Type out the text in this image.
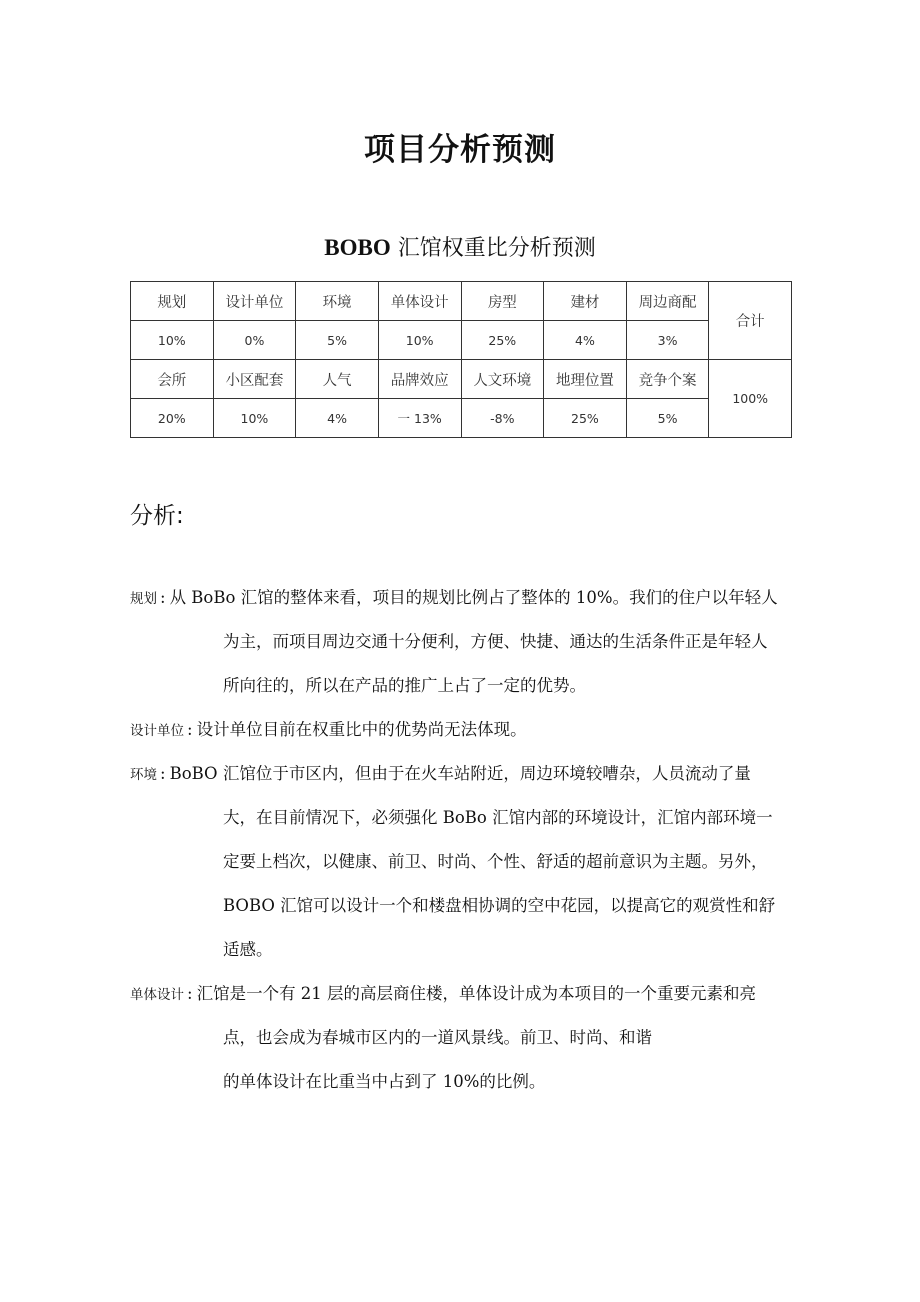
项目分析预测
BOBO 汇馆权重比分析预测
规划	设计单位	环境	单体设计	房型	建材	周边商配	合计
10%	0%	5%	10%	25%	4%	3%	
会所	小区配套	人气	品牌效应	人文环境	地理位置	竞争个案	100%
20%	10%	4%	一 13%	-8%	25%	5%	
分析:
规划 : 从 BoBo 汇馆的整体来看，项目的规划比例占了整体的 10%。我们的住户以年轻人
为主，而项目周边交通十分便利，方便、快捷、通达的生活条件正是年轻人
所向往的，所以在产品的推广上占了一定的优势。
设计单位 : 设计单位目前在权重比中的优势尚无法体现。
环境 : BoBO 汇馆位于市区内，但由于在火车站附近，周边环境较嘈杂，人员流动了量
大，在目前情况下，必须强化 BoBo 汇馆内部的环境设计，汇馆内部环境一
定要上档次，以健康、前卫、时尚、个性、舒适的超前意识为主题。另外，
BOBO 汇馆可以设计一个和楼盘相协调的空中花园，以提高它的观赏性和舒
适感。
单体设计 : 汇馆是一个有 21 层的高层商住楼，单体设计成为本项目的一个重要元素和亮
点，也会成为春城市区内的一道风景线。前卫、时尚、和谐
的单体设计在比重当中占到了 10%的比例。
